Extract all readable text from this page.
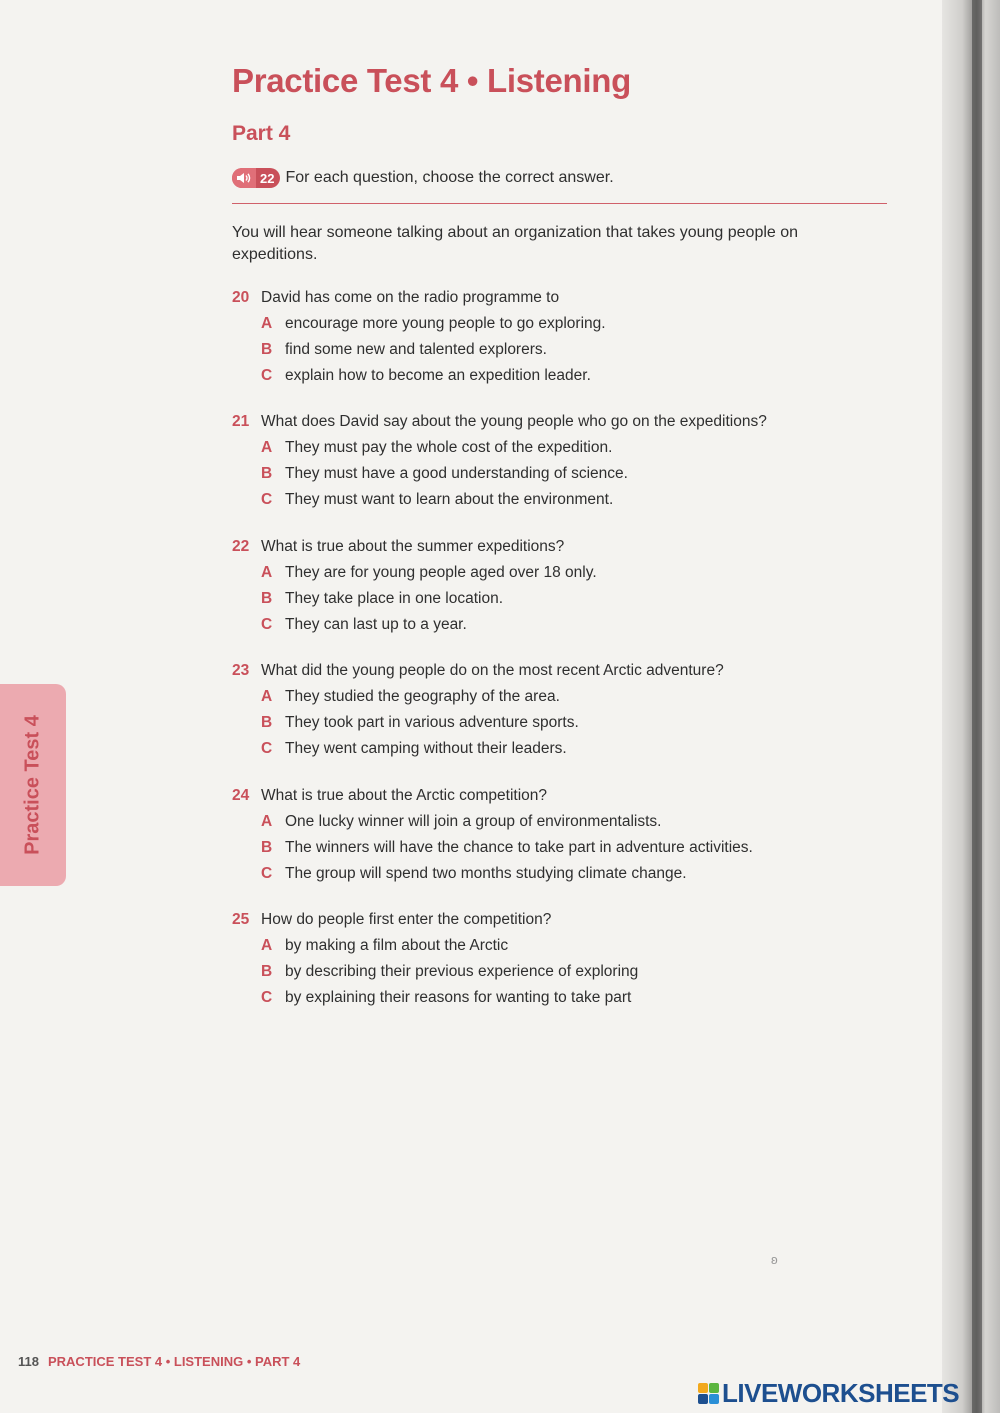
Practice Test 4 • Listening
Part 4
22 For each question, choose the correct answer.

You will hear someone talking about an organization that takes young people on expeditions.

20 David has come on the radio programme to
A encourage more young people to go exploring.
B find some new and talented explorers.
C explain how to become an expedition leader.
21 What does David say about the young people who go on the expeditions?
A They must pay the whole cost of the expedition.
B They must have a good understanding of science.
C They must want to learn about the environment.
22 What is true about the summer expeditions?
A They are for young people aged over 18 only.
B They take place in one location.
C They can last up to a year.
23 What did the young people do on the most recent Arctic adventure?
A They studied the geography of the area.
B They took part in various adventure sports.
C They went camping without their leaders.
24 What is true about the Arctic competition?
A One lucky winner will join a group of environmentalists.
B The winners will have the chance to take part in adventure activities.
C The group will spend two months studying climate change.
25 How do people first enter the competition?
A by making a film about the Arctic
B by describing their previous experience of exploring
C by explaining their reasons for wanting to take part
Practice Test 4
ʚ
118 PRACTICE TEST 4 • LISTENING • PART 4
LIVEWORKSHEETS
